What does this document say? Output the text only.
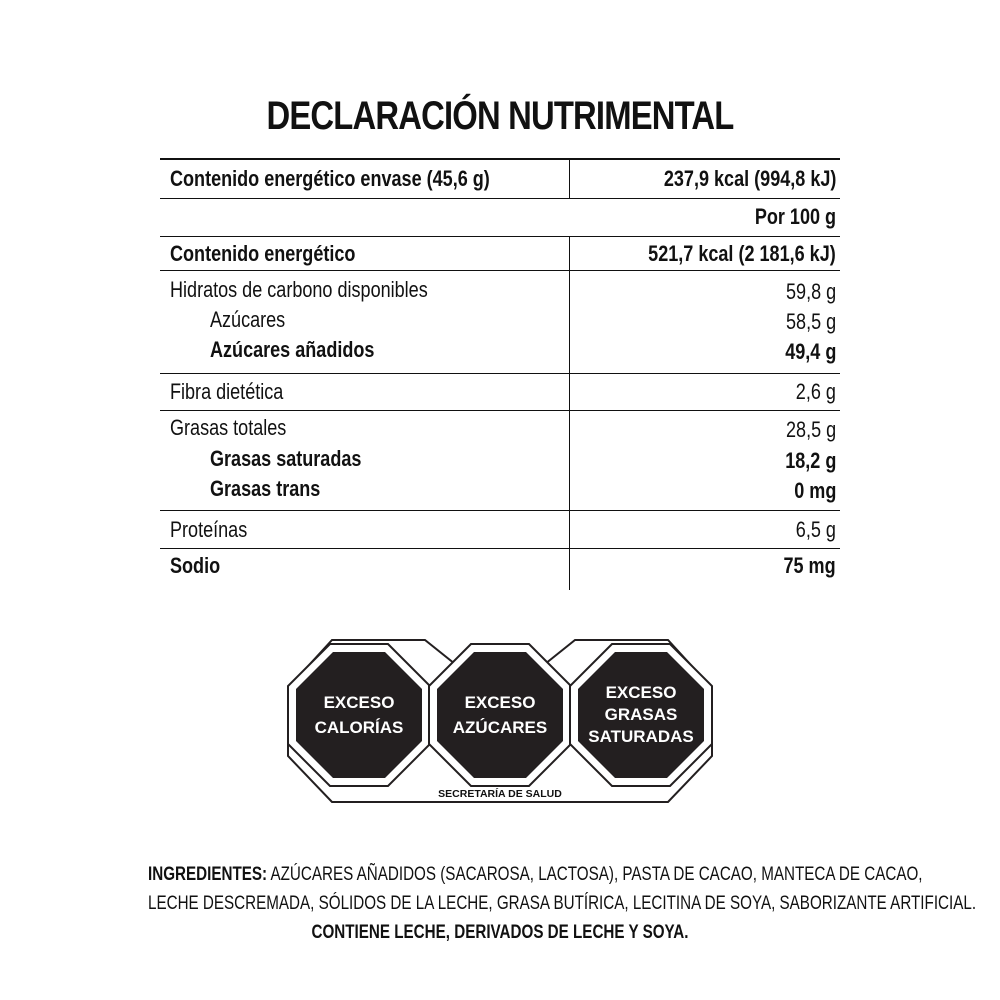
DECLARACIÓN NUTRIMENTAL
Contenido energético envase (45,6 g)	237,9 kcal (994,8 kJ)
Por 100 g
Contenido energético	521,7 kcal (2 181,6 kJ)
Hidratos de carbono disponibles	59,8 g
Azúcares	58,5 g
Azúcares añadidos	49,4 g
Fibra dietética	2,6 g
Grasas totales	28,5 g
Grasas saturadas	18,2 g
Grasas trans	0 mg
Proteínas	6,5 g
Sodio	75 mg
EXCESO
CALORÍAS
EXCESO
AZÚCARES
EXCESO
GRASAS
SATURADAS
SECRETARÍA DE SALUD
INGREDIENTES: AZÚCARES AÑADIDOS (SACAROSA, LACTOSA), PASTA DE CACAO, MANTECA DE CACAO,
LECHE DESCREMADA, SÓLIDOS DE LA LECHE, GRASA BUTÍRICA, LECITINA DE SOYA, SABORIZANTE ARTIFICIAL.
CONTIENE LECHE, DERIVADOS DE LECHE Y SOYA.
